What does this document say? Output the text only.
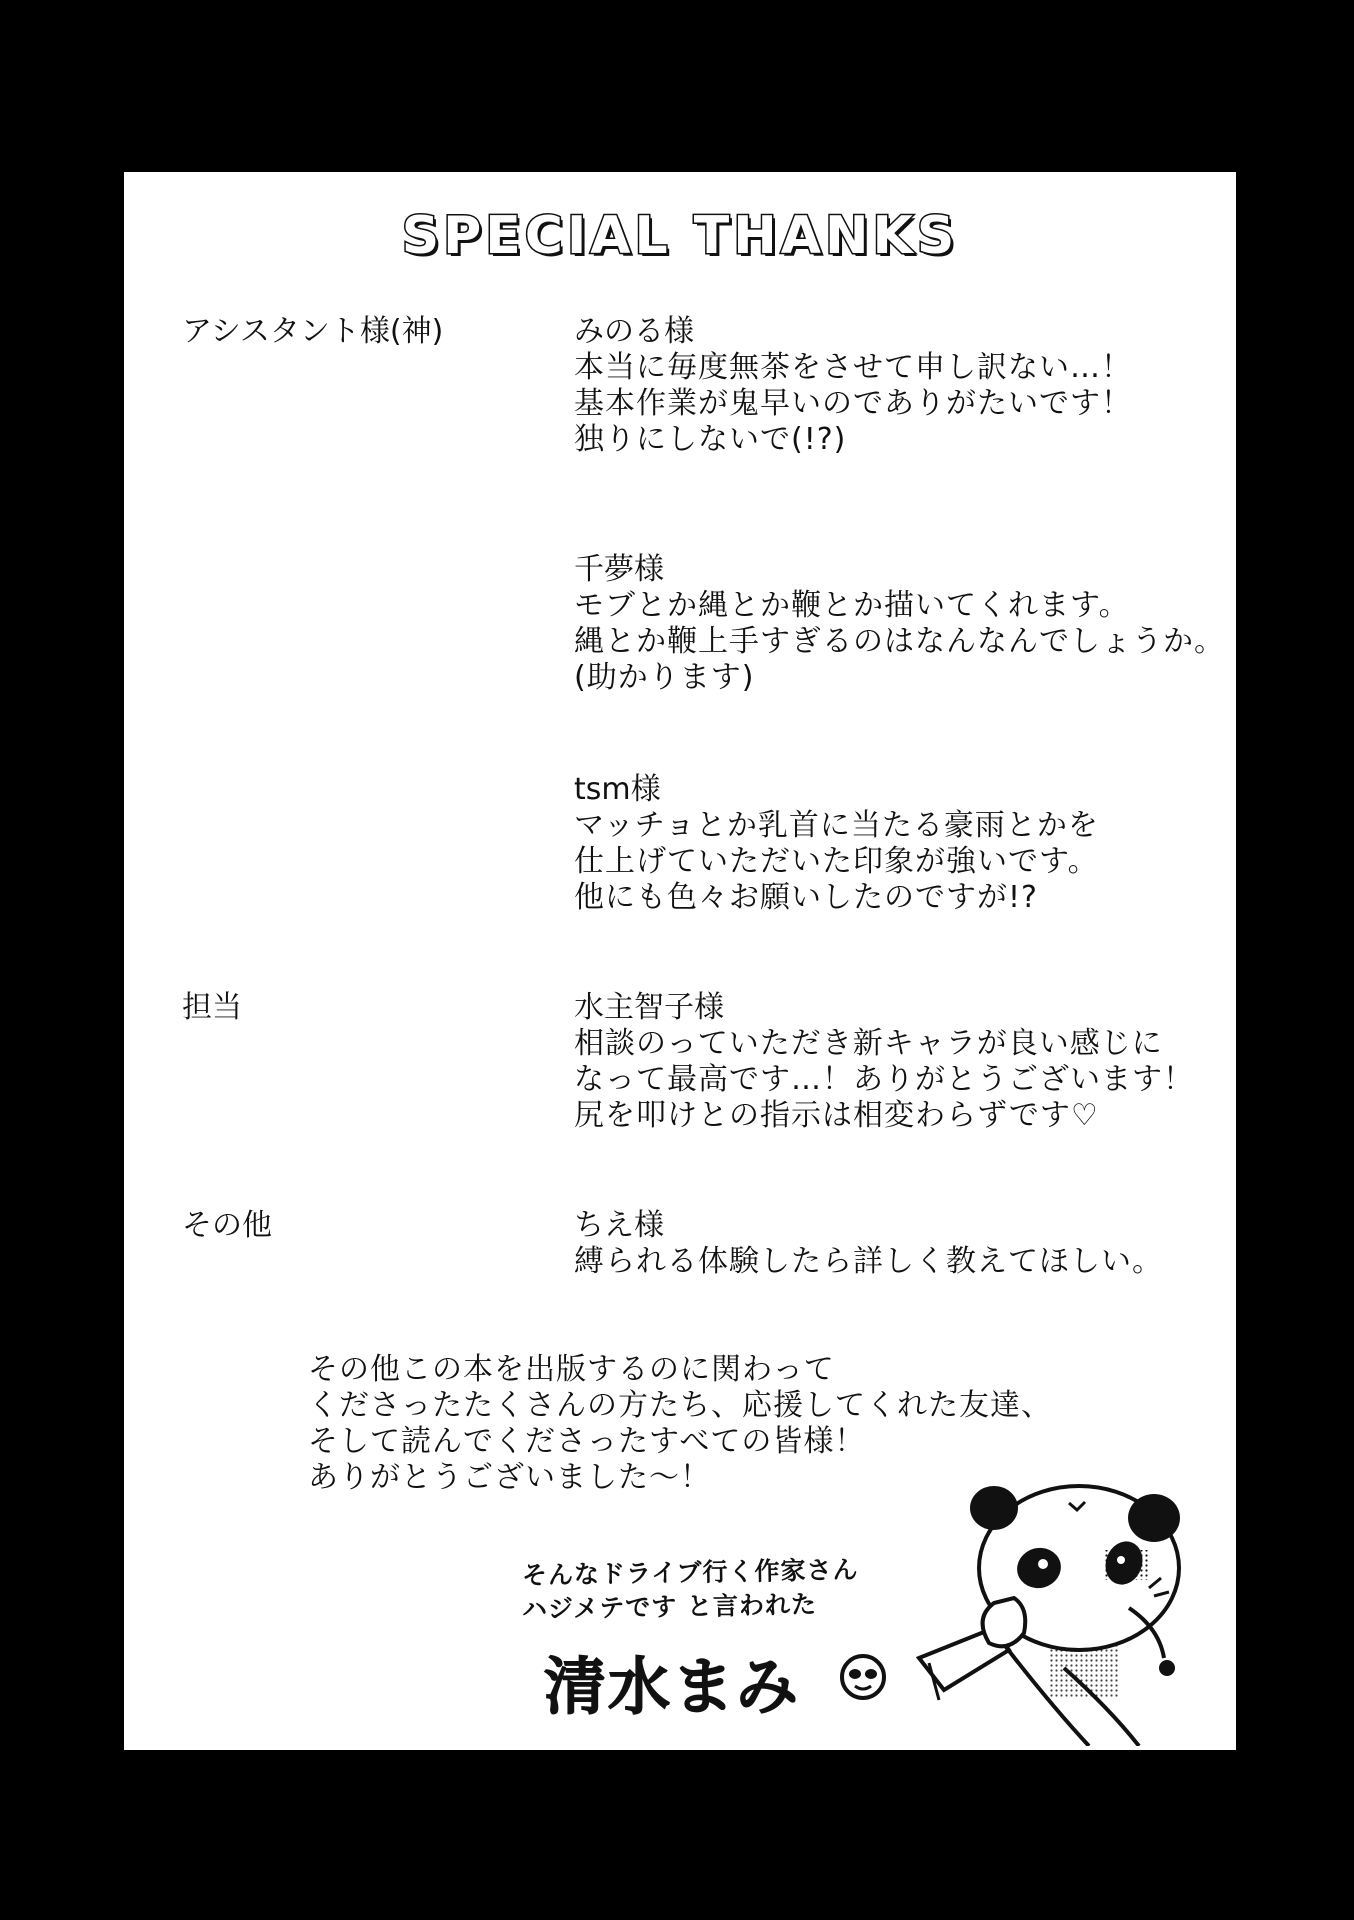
SPECIAL THANKS
アシスタント様(神)	みのる様
本当に毎度無茶をさせて申し訳ない…！
基本作業が鬼早いのでありがたいです！
独りにしないで(!?)
千夢様
モブとか縄とか鞭とか描いてくれます。
縄とか鞭上手すぎるのはなんなんでしょうか。
(助かります)
tsm様
マッチョとか乳首に当たる豪雨とかを
仕上げていただいた印象が強いです。
他にも色々お願いしたのですが!?
担当	水主智子様
相談のっていただき新キャラが良い感じに
なって最高です…！ありがとうございます！
尻を叩けとの指示は相変わらずです♡
その他	ちえ様
縛られる体験したら詳しく教えてほしい。
その他この本を出版するのに関わって
くださったたくさんの方たち、応援してくれた友達、
そして読んでくださったすべての皆様！
ありがとうございました〜！
そんなドライブ行く作家さん
ハジメテです と言われた
清水まみ
